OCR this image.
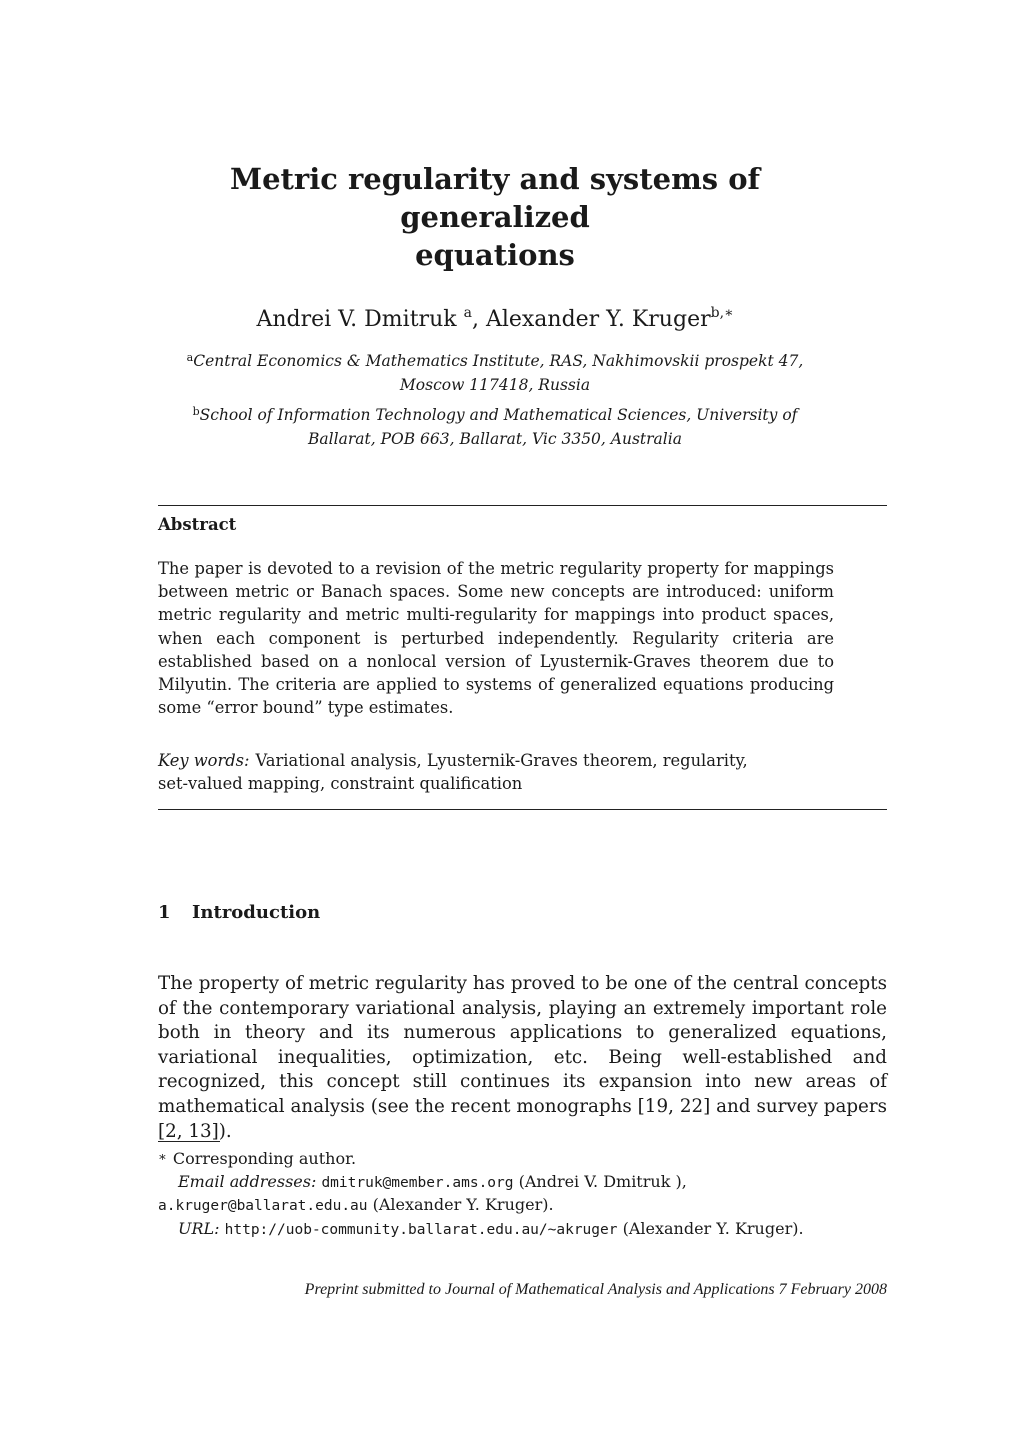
Metric regularity and systems of generalized
equations
Andrei V. Dmitruk $^a$, Alexander Y. Kruger$^{b,∗}$
$^a$Central Economics & Mathematics Institute, RAS, Nakhimovskii prospekt 47,
Moscow 117418, Russia
$^b$School of Information Technology and Mathematical Sciences, University of
Ballarat, POB 663, Ballarat, Vic 3350, Australia
Abstract
The paper is devoted to a revision of the metric regularity property for mappings between metric or Banach spaces. Some new concepts are introduced: uniform metric regularity and metric multi-regularity for mappings into product spaces, when each component is perturbed independently. Regularity criteria are established based on a nonlocal version of Lyusternik-Graves theorem due to Milyutin. The criteria are applied to systems of generalized equations producing some “error bound” type estimates.
Key words: Variational analysis, Lyusternik-Graves theorem, regularity,
set-valued mapping, constraint qualification
1 Introduction
The property of metric regularity has proved to be one of the central concepts of the contemporary variational analysis, playing an extremely important role both in theory and its numerous applications to generalized equations, variational inequalities, optimization, etc. Being well-established and recognized, this concept still continues its expansion into new areas of mathematical analysis (see the recent monographs [19, 22] and survey papers [2, 13]).
∗ Corresponding author.
Email addresses: dmitruk@member.ams.org (Andrei V. Dmitruk ),
a.kruger@ballarat.edu.au (Alexander Y. Kruger).
URL: http://uob-community.ballarat.edu.au/~akruger (Alexander Y. Kruger).
Preprint submitted to Journal of Mathematical Analysis and Applications 7 February 2008
